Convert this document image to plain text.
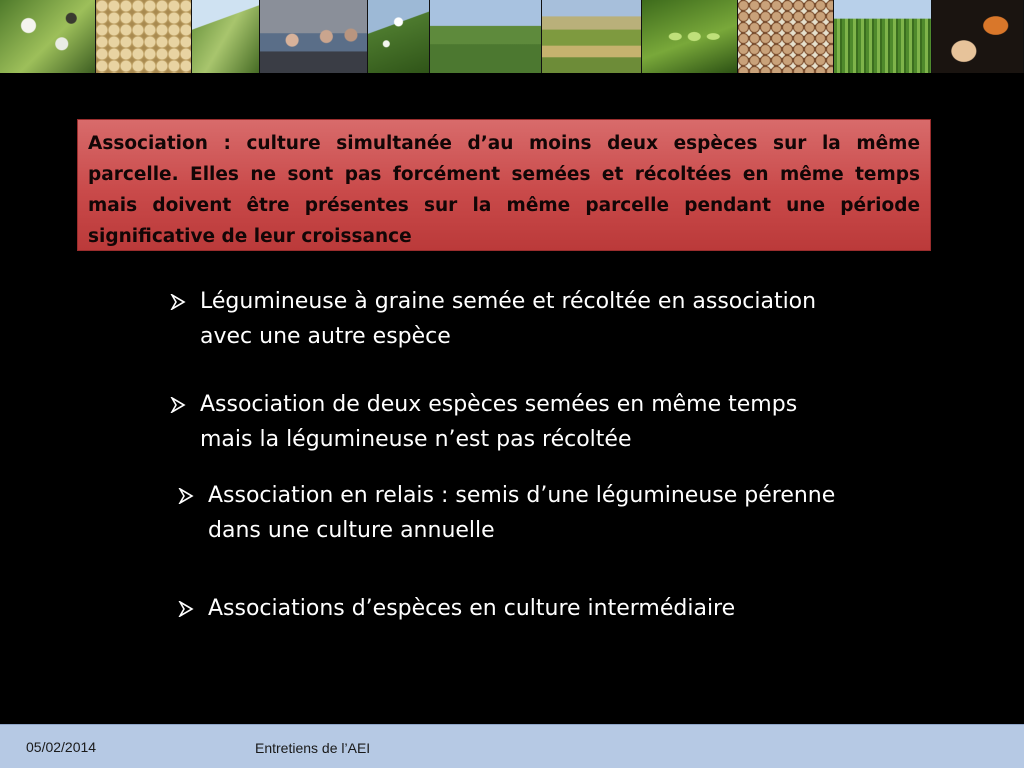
Association : culture simultanée d’au moins deux espèces sur la même parcelle. Elles ne sont pas forcément semées et récoltées en même temps mais doivent être présentes sur la même parcelle pendant une période significative de leur croissance
Légumineuse à graine semée et récoltée en association avec une autre espèce
Association de deux espèces semées en même temps mais la légumineuse n’est pas récoltée
Association en relais : semis d’une légumineuse pérenne dans une culture annuelle
Associations d’espèces en culture intermédiaire
05/02/2014	Entretiens de l’AEI
